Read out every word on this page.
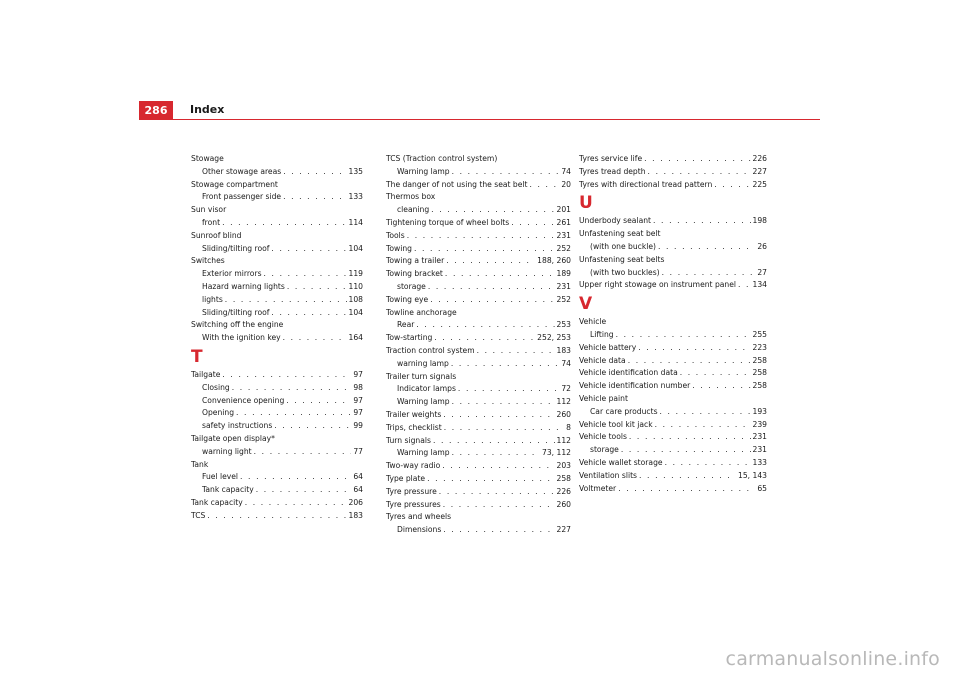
286	Index
Stowage
Other stowage areas . . .	135
Stowage compartment
Front passenger side . . .	133
Sun visor
front . . .	114
Sunroof blind
Sliding/tilting roof . . .	104
Switches
Exterior mirrors . . .	119
Hazard warning lights . . .	110
lights . . .	108
Sliding/tilting roof . . .	104
Switching off the engine
With the ignition key . . .	164
T
Tailgate . . .	97
Closing . . .	98
Convenience opening . . .	97
Opening . . .	97
safety instructions . . .	99
Tailgate open display*
warning light . . .	77
Tank
Fuel level . . .	64
Tank capacity . . .	64
Tank capacity . . .	206
TCS . . .	183
TCS (Traction control system)
Warning lamp . . .	74
The danger of not using the seat belt . . .	20
Thermos box
cleaning . . .	201
Tightening torque of wheel bolts . . .	261
Tools . . .	231
Towing . . .	252
Towing a trailer . . .	188, 260
Towing bracket . . .	189
storage . . .	231
Towing eye . . .	252
Towline anchorage
Rear . . .	253
Tow-starting . . .	252, 253
Traction control system . . .	183
warning lamp . . .	74
Trailer turn signals
Indicator lamps . . .	72
Warning lamp . . .	112
Trailer weights . . .	260
Trips, checklist . . .	8
Turn signals . . .	112
Warning lamp . . .	73, 112
Two-way radio . . .	203
Type plate . . .	258
Tyre pressure . . .	226
Tyre pressures . . .	260
Tyres and wheels
Dimensions . . .	227
Tyres service life . . .	226
Tyres tread depth . . .	227
Tyres with directional tread pattern . . .	225
U
Underbody sealant . . .	198
Unfastening seat belt
(with one buckle) . . .	26
Unfastening seat belts
(with two buckles) . . .	27
Upper right stowage on instrument panel . . . 134
V
Vehicle
Lifting . . .	255
Vehicle battery . . .	223
Vehicle data . . .	258
Vehicle identification data . . .	258
Vehicle identification number . . .	258
Vehicle paint
Car care products . . .	193
Vehicle tool kit jack . . .	239
Vehicle tools . . .	231
storage . . .	231
Vehicle wallet storage . . .	133
Ventilation slits . . .	15, 143
Voltmeter . . .	65
carmanualsonline.info
